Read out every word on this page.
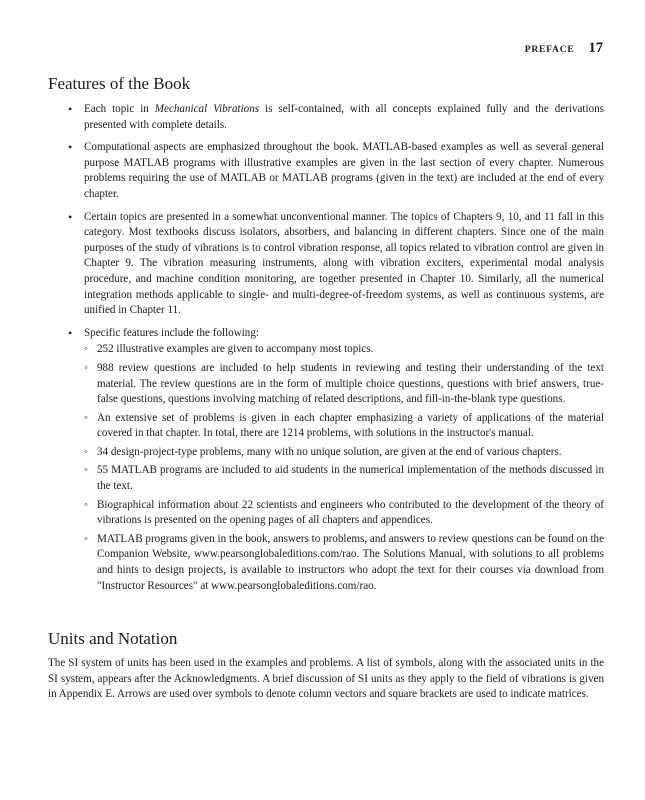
PREFACE 17
Features of the Book
• Each topic in Mechanical Vibrations is self-contained, with all concepts explained fully and the derivations presented with complete details.
• Computational aspects are emphasized throughout the book. MATLAB-based examples as well as several general purpose MATLAB programs with illustrative examples are given in the last section of every chapter. Numerous problems requiring the use of MATLAB or MATLAB programs (given in the text) are included at the end of every chapter.
• Certain topics are presented in a somewhat unconventional manner. The topics of Chapters 9, 10, and 11 fall in this category. Most textbooks discuss isolators, absorbers, and balancing in different chapters. Since one of the main purposes of the study of vibrations is to control vibration response, all topics related to vibration control are given in Chapter 9. The vibration measuring instruments, along with vibration exciters, experimental modal analysis procedure, and machine condition monitoring, are together presented in Chapter 10. Similarly, all the numerical integration methods applicable to single- and multi-degree-of-freedom systems, as well as continuous systems, are unified in Chapter 11.
• Specific features include the following:
◦ 252 illustrative examples are given to accompany most topics.
◦ 988 review questions are included to help students in reviewing and testing their understanding of the text material. The review questions are in the form of multiple choice questions, questions with brief answers, true-false questions, questions involving matching of related descriptions, and fill-in-the-blank type questions.
◦ An extensive set of problems is given in each chapter emphasizing a variety of applications of the material covered in that chapter. In total, there are 1214 problems, with solutions in the instructor's manual.
◦ 34 design-project-type problems, many with no unique solution, are given at the end of various chapters.
◦ 55 MATLAB programs are included to aid students in the numerical implementation of the methods discussed in the text.
◦ Biographical information about 22 scientists and engineers who contributed to the development of the theory of vibrations is presented on the opening pages of all chapters and appendices.
◦ MATLAB programs given in the book, answers to problems, and answers to review questions can be found on the Companion Website, www.pearsonglobaleditions.com/rao. The Solutions Manual, with solutions to all problems and hints to design projects, is available to instructors who adopt the text for their courses via download from "Instructor Resources" at www.pearsonglobaleditions.com/rao.
Units and Notation

The SI system of units has been used in the examples and problems. A list of symbols, along with the associated units in the SI system, appears after the Acknowledgments. A brief discussion of SI units as they apply to the field of vibrations is given in Appendix E. Arrows are used over symbols to denote column vectors and square brackets are used to indicate matrices.
